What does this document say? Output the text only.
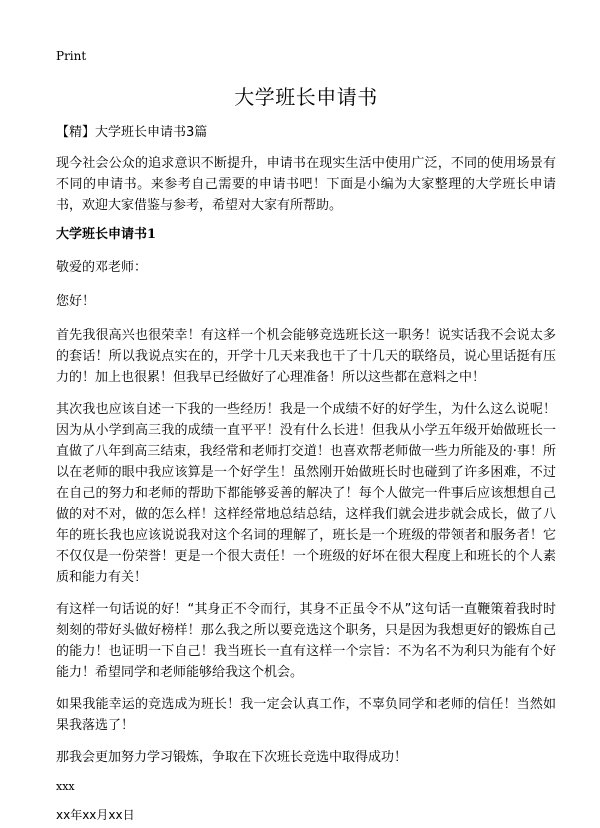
Print
大学班长申请书

【精】大学班长申请书3篇

现今社会公众的追求意识不断提升，申请书在现实生活中使用广泛，不同的使用场景有不同的申请书。来参考自己需要的申请书吧！下面是小编为大家整理的大学班长申请书，欢迎大家借鉴与参考，希望对大家有所帮助。

大学班长申请书1

敬爱的邓老师：

您好！

首先我很高兴也很荣幸！有这样一个机会能够竞选班长这一职务！说实话我不会说太多的套话！所以我说点实在的，开学十几天来我也干了十几天的联络员，说心里话挺有压力的！加上也很累！但我早已经做好了心理准备！所以这些都在意料之中！

其次我也应该自述一下我的一些经历！我是一个成绩不好的好学生，为什么这么说呢！因为从小学到高三我的成绩一直平平！没有什么长进！但我从小学五年级开始做班长一直做了八年到高三结束，我经常和老师打交道！也喜欢帮老师做一些力所能及的·事！所以在老师的眼中我应该算是一个好学生！虽然刚开始做班长时也碰到了许多困难，不过在自己的努力和老师的帮助下都能够妥善的解决了！每个人做完一件事后应该想想自己做的对不对，做的怎么样！这样经常地总结总结，这样我们就会进步就会成长，做了八年的班长我也应该说说我对这个名词的理解了，班长是一个班级的带领者和服务者！它不仅仅是一份荣誉！更是一个很大责任！一个班级的好坏在很大程度上和班长的个人素质和能力有关！

有这样一句话说的好！“其身正不令而行，其身不正虽令不从”这句话一直鞭策着我时时刻刻的带好头做好榜样！那么我之所以要竞选这个职务，只是因为我想更好的锻炼自己的能力！也证明一下自己！我当班长一直有这样一个宗旨：不为名不为利只为能有个好能力！希望同学和老师能够给我这个机会。

如果我能幸运的竞选成为班长！我一定会认真工作，不辜负同学和老师的信任！当然如果我落选了！

那我会更加努力学习锻炼，争取在下次班长竞选中取得成功！

xxx

xx年xx月xx日
